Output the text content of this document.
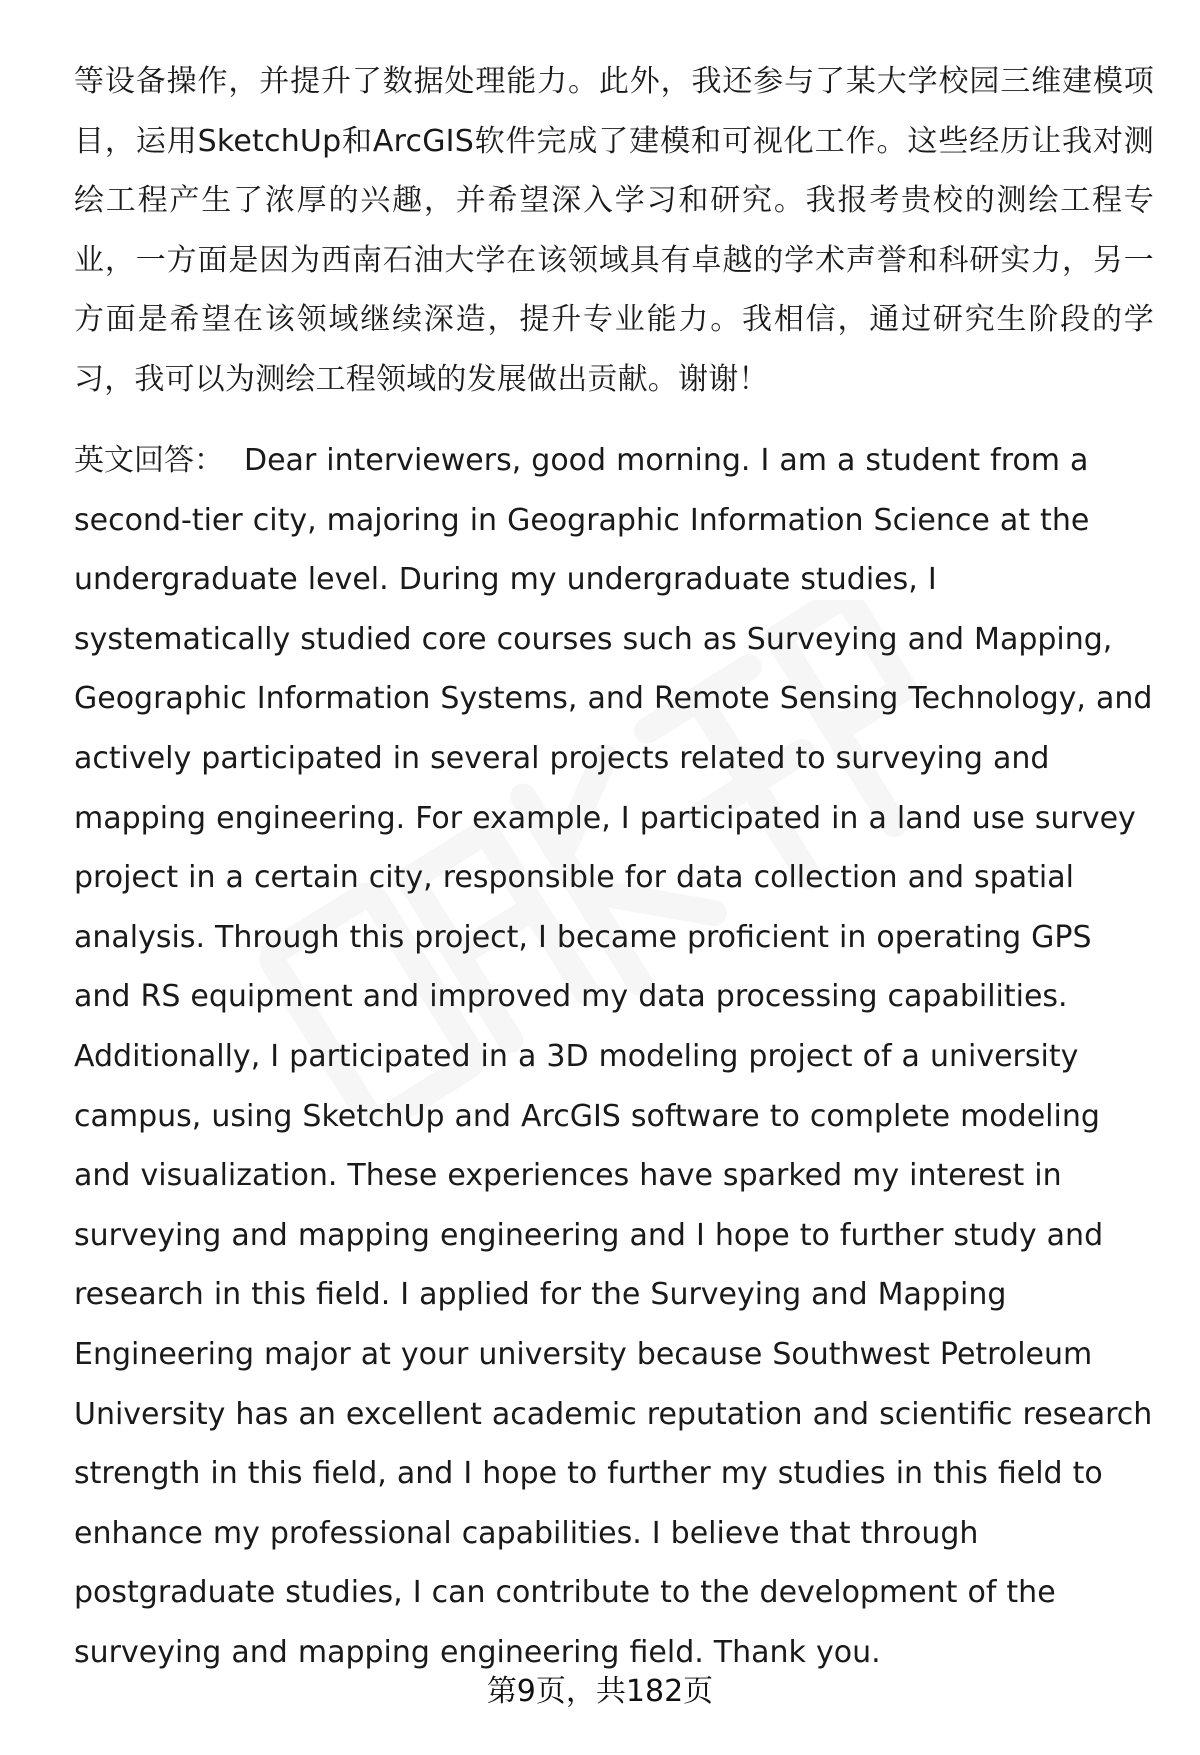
等设备操作，并提升了数据处理能力。此外，我还参与了某大学校园三维建模项目，运用SketchUp和ArcGIS软件完成了建模和可视化工作。这些经历让我对测绘工程产生了浓厚的兴趣，并希望深入学习和研究。我报考贵校的测绘工程专业，一方面是因为西南石油大学在该领域具有卓越的学术声誉和科研实力，另一方面是希望在该领域继续深造，提升专业能力。我相信，通过研究生阶段的学习，我可以为测绘工程领域的发展做出贡献。谢谢！

英文回答： Dear interviewers, good morning. I am a student from a second-tier city, majoring in Geographic Information Science at the undergraduate level. During my undergraduate studies, I systematically studied core courses such as Surveying and Mapping, Geographic Information Systems, and Remote Sensing Technology, and actively participated in several projects related to surveying and mapping engineering. For example, I participated in a land use survey project in a certain city, responsible for data collection and spatial analysis. Through this project, I became proficient in operating GPS and RS equipment and improved my data processing capabilities. Additionally, I participated in a 3D modeling project of a university campus, using SketchUp and ArcGIS software to complete modeling and visualization. These experiences have sparked my interest in surveying and mapping engineering and I hope to further study and research in this field. I applied for the Surveying and Mapping Engineering major at your university because Southwest Petroleum University has an excellent academic reputation and scientific research strength in this field, and I hope to further my studies in this field to enhance my professional capabilities. I believe that through postgraduate studies, I can contribute to the development of the surveying and mapping engineering field. Thank you.

第9页，共182页
